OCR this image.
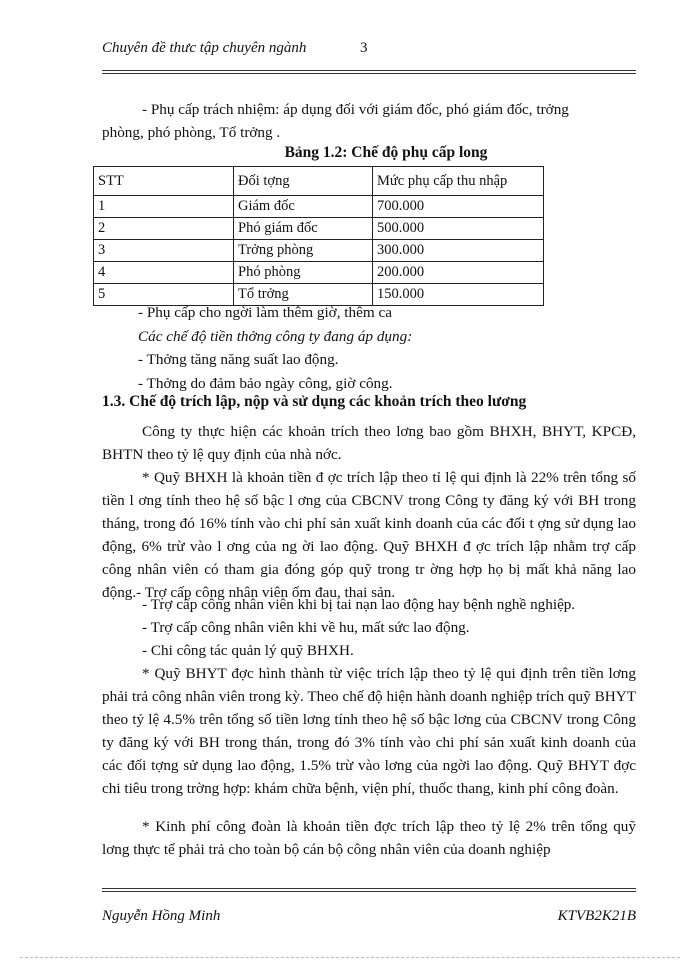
Chuyên đề thưc tập chuyên ngành	3

- Phụ cấp trách nhiệm: áp dụng đối với giám đốc, phó giám đốc, trởng
phòng, phó phòng, Tổ trởng .

Bảng 1.2: Chế độ phụ cấp long
STT	Đối tợng	Mức phụ cấp thu nhập
1	Giám đốc	700.000
2	Phó giám đốc	500.000
3	Trởng phòng	300.000
4	Phó phòng	200.000
5	Tổ trởng	150.000

- Phụ cấp cho ngời làm thêm giờ, thêm ca
Các chế độ tiền thởng công ty đang áp dụng:
- Thởng tăng năng suất lao động.
- Thởng do đảm bảo ngày công, giờ công.

1.3. Chế độ trích lập, nộp và sử dụng các khoản trích theo lương

Công ty thực hiện các khoản trích theo lơng bao gồm BHXH, BHYT, KPCĐ, BHTN theo tỷ lệ quy định của nhà nớc.

* Quỹ BHXH là khoản tiền đ ợc trích lập theo tỉ lệ qui định là 22% trên tổng số tiền l ơng tính theo hệ số bậc l ơng của CBCNV trong Công ty đăng ký với BH trong tháng, trong đó 16% tính vào chi phí sản xuất kinh doanh của các đối t ợng sử dụng lao động, 6% trừ vào l ơng của ng ời lao động. Quỹ BHXH đ ợc trích lập nhằm trợ cấp công nhân viên có tham gia đóng góp quỹ trong tr ờng hợp họ bị mất khả năng lao động.- Trợ cấp công nhân viên ốm đau, thai sản.

- Trợ cấp công nhân viên khi bị tai nạn lao động hay bệnh nghề nghiệp.
- Trợ cấp công nhân viên khi về hu, mất sức lao động.
- Chi công tác quản lý quỹ BHXH.

* Quỹ BHYT đợc hình thành từ việc trích lập theo tỷ lệ qui định trên tiền lơng phải trả công nhân viên trong kỳ. Theo chế độ hiện hành doanh nghiệp trích quỹ BHYT theo tỷ lệ 4.5% trên tổng số tiền lơng tính theo hệ số bậc lơng của CBCNV trong Công ty đăng ký với BH trong thán, trong đó 3% tính vào chi phí sản xuất kinh doanh của các đối tợng sử dụng lao động, 1.5% trừ vào lơng của ngời lao động. Quỹ BHYT đợc chi tiêu trong trờng hợp: khám chữa bệnh, viện phí, thuốc thang, kinh phí công đoàn.

* Kinh phí công đoàn là khoản tiền đợc trích lập theo tỷ lệ 2% trên tổng quỹ lơng thực tế phải trả cho toàn bộ cán bộ công nhân viên của doanh nghiệp

Nguyễn Hồng Minh	KTVB2K21B
